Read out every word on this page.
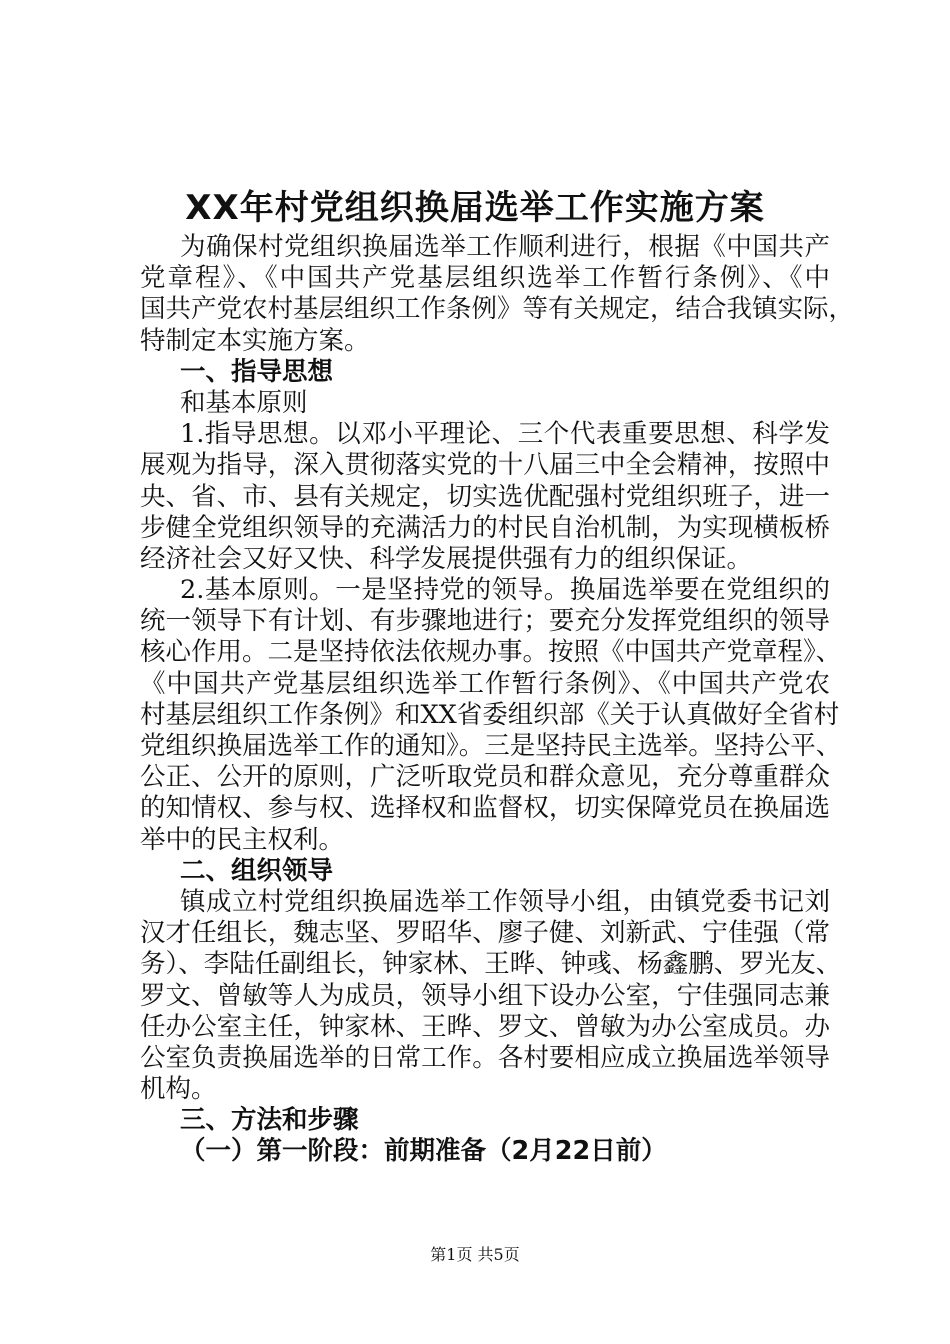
XX年村党组织换届选举工作实施方案
为确保村党组织换届选举工作顺利进行，根据《中国共产
党章程》、《中国共产党基层组织选举工作暂行条例》、《中
国共产党农村基层组织工作条例》等有关规定，结合我镇实际，
特制定本实施方案。
一、指导思想
和基本原则
1.指导思想。以邓小平理论、三个代表重要思想、科学发
展观为指导，深入贯彻落实党的十八届三中全会精神，按照中
央、省、市、县有关规定，切实选优配强村党组织班子，进一
步健全党组织领导的充满活力的村民自治机制，为实现横板桥
经济社会又好又快、科学发展提供强有力的组织保证。
2.基本原则。一是坚持党的领导。换届选举要在党组织的
统一领导下有计划、有步骤地进行；要充分发挥党组织的领导
核心作用。二是坚持依法依规办事。按照《中国共产党章程》、
《中国共产党基层组织选举工作暂行条例》、《中国共产党农
村基层组织工作条例》和XX省委组织部《关于认真做好全省村
党组织换届选举工作的通知》。三是坚持民主选举。坚持公平、
公正、公开的原则，广泛听取党员和群众意见，充分尊重群众
的知情权、参与权、选择权和监督权，切实保障党员在换届选
举中的民主权利。
二、组织领导
镇成立村党组织换届选举工作领导小组，由镇党委书记刘
汉才任组长，魏志坚、罗昭华、廖子健、刘新武、宁佳强（常
务）、李陆任副组长，钟家林、王晔、钟彧、杨鑫鹏、罗光友、
罗文、曾敏等人为成员，领导小组下设办公室，宁佳强同志兼
任办公室主任，钟家林、王晔、罗文、曾敏为办公室成员。办
公室负责换届选举的日常工作。各村要相应成立换届选举领导
机构。
三、方法和步骤
（一）第一阶段：前期准备（2月22日前）
第1页 共5页
